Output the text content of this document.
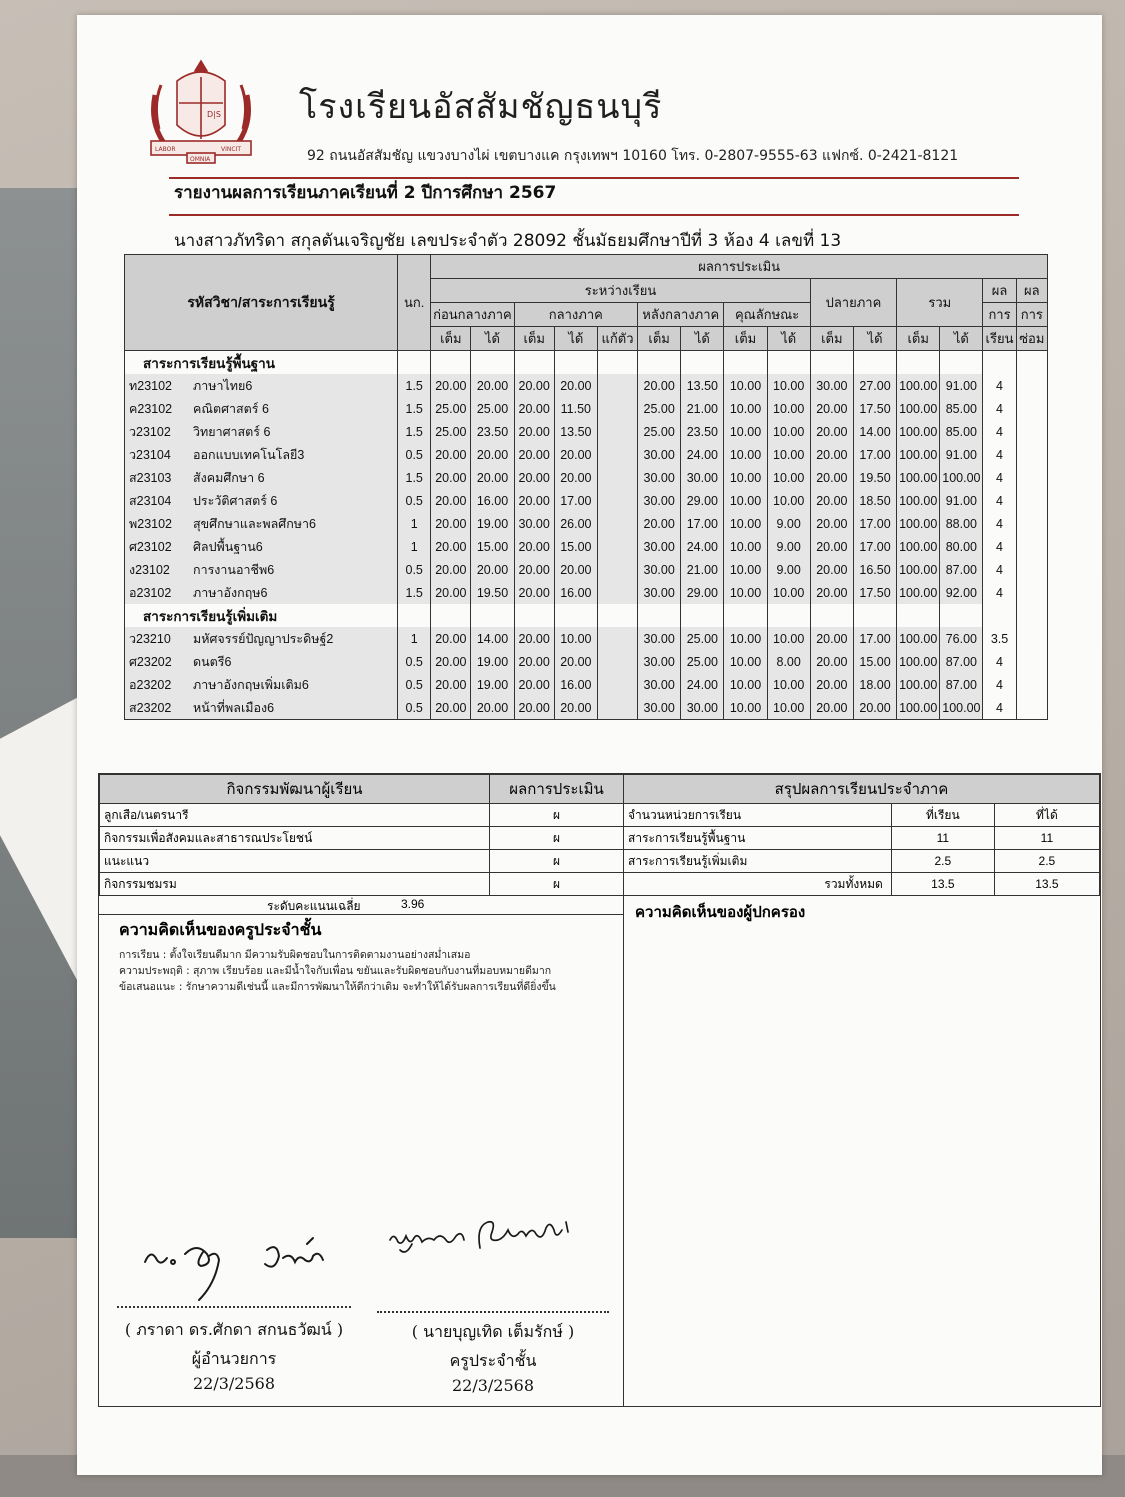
D|S
LABOR	VINCIT
OMNIA
โรงเรียนอัสสัมชัญธนบุรี
92 ถนนอัสสัมชัญ แขวงบางไผ่ เขตบางแค กรุงเทพฯ 10160 โทร. 0-2807-9555-63 แฟกซ์. 0-2421-8121
รายงานผลการเรียนภาคเรียนที่ 2 ปีการศึกษา 2567
นางสาวภัทริดา สกุลตันเจริญชัย เลขประจำตัว 28092 ชั้นมัธยมศึกษาปีที่ 3 ห้อง 4 เลขที่ 13
รหัสวิชา/สาระการเรียนรู้	นก.	ผลการประเมิน														
		ระหว่างเรียน									ปลายภาค		รวม		ผล	ผล
		ก่อนกลางภาค		กลางภาค			หลังกลางภาค		คุณลักษณะ						การ	การ
		เต็ม	ได้	เต็ม	ได้	แก้ตัว	เต็ม	ได้	เต็ม	ได้	เต็ม	ได้	เต็ม	ได้	เรียน	ซ่อม
สาระการเรียนรู้พื้นฐาน																
ท23102 ภาษาไทย6	1.5	20.00	20.00	20.00	20.00		20.00	13.50	10.00	10.00	30.00	27.00	100.00	91.00	4	
ค23102 คณิตศาสตร์ 6	1.5	25.00	25.00	20.00	11.50		25.00	21.00	10.00	10.00	20.00	17.50	100.00	85.00	4	
ว23102 วิทยาศาสตร์ 6	1.5	25.00	23.50	20.00	13.50		25.00	23.50	10.00	10.00	20.00	14.00	100.00	85.00	4	
ว23104 ออกแบบเทคโนโลยี3	0.5	20.00	20.00	20.00	20.00		30.00	24.00	10.00	10.00	20.00	17.00	100.00	91.00	4	
ส23103 สังคมศึกษา 6	1.5	20.00	20.00	20.00	20.00		30.00	30.00	10.00	10.00	20.00	19.50	100.00	100.00	4	
ส23104 ประวัติศาสตร์ 6	0.5	20.00	16.00	20.00	17.00		30.00	29.00	10.00	10.00	20.00	18.50	100.00	91.00	4	
พ23102 สุขศึกษาและพลศึกษา6	1	20.00	19.00	30.00	26.00		20.00	17.00	10.00	9.00	20.00	17.00	100.00	88.00	4	
ศ23102 ศิลปพื้นฐาน6	1	20.00	15.00	20.00	15.00		30.00	24.00	10.00	9.00	20.00	17.00	100.00	80.00	4	
ง23102 การงานอาชีพ6	0.5	20.00	20.00	20.00	20.00		30.00	21.00	10.00	9.00	20.00	16.50	100.00	87.00	4	
อ23102 ภาษาอังกฤษ6	1.5	20.00	19.50	20.00	16.00		30.00	29.00	10.00	10.00	20.00	17.50	100.00	92.00	4	
สาระการเรียนรู้เพิ่มเติม																
ว23210 มหัศจรรย์ปัญญาประดิษฐ์2	1	20.00	14.00	20.00	10.00		30.00	25.00	10.00	10.00	20.00	17.00	100.00	76.00	3.5	
ศ23202 ดนตรี6	0.5	20.00	19.00	20.00	20.00		30.00	25.00	10.00	8.00	20.00	15.00	100.00	87.00	4	
อ23202 ภาษาอังกฤษเพิ่มเติม6	0.5	20.00	19.00	20.00	16.00		30.00	24.00	10.00	10.00	20.00	18.00	100.00	87.00	4	
ส23202 หน้าที่พลเมือง6	0.5	20.00	20.00	20.00	20.00		30.00	30.00	10.00	10.00	20.00	20.00	100.00	100.00	4	
กิจกรรมพัฒนาผู้เรียน	ผลการประเมิน
ลูกเสือ/เนตรนารี	ผ
กิจกรรมเพื่อสังคมและสาธารณประโยชน์	ผ
แนะแนว	ผ
กิจกรรมชมรม	ผ
สรุปผลการเรียนประจำภาค		
จำนวนหน่วยการเรียน	ที่เรียน	ที่ได้
สาระการเรียนรู้พื้นฐาน	11	11
สาระการเรียนรู้เพิ่มเติม	2.5	2.5
รวมทั้งหมด	13.5	13.5
ระดับคะแนนเฉลี่ย	3.96
ความคิดเห็นของครูประจำชั้น
การเรียน : ตั้งใจเรียนดีมาก มีความรับผิดชอบในการติดตามงานอย่างสม่ำเสมอ
ความประพฤติ : สุภาพ เรียบร้อย และมีน้ำใจกับเพื่อน ขยันและรับผิดชอบกับงานที่มอบหมายดีมาก
ข้อเสนอแนะ : รักษาความดีเช่นนี้ และมีการพัฒนาให้ดีกว่าเดิม จะทำให้ได้รับผลการเรียนที่ดียิ่งขึ้น
ความคิดเห็นของผู้ปกครอง
( ภราดา ดร.ศักดา สกนธวัฒน์ )
ผู้อำนวยการ
22/3/2568
( นายบุญเทิด เต็มรักษ์ )
ครูประจำชั้น
22/3/2568
